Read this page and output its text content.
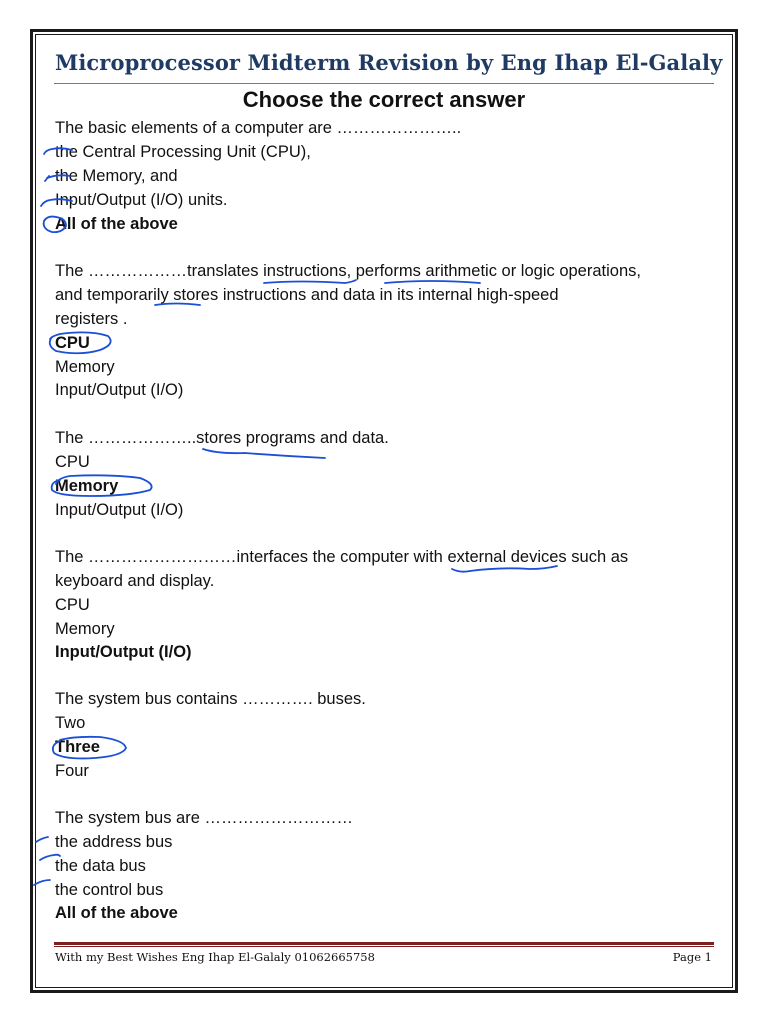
Microprocessor Midterm Revision by Eng Ihap El-Galaly
Choose the correct answer
The basic elements of a computer are …………………..
the Central Processing Unit (CPU),
the Memory, and
Input/Output (I/O) units.
All of the above
The ………………translates instructions, performs arithmetic or logic operations,
and temporarily stores instructions and data in its internal high-speed
registers .
CPU
Memory
Input/Output (I/O)
The ………………..stores programs and data.
CPU
Memory
Input/Output (I/O)
The ………………………interfaces the computer with external devices such as
keyboard and display.
CPU
Memory
Input/Output (I/O)
The system bus contains …………. buses.
Two
Three
Four
The system bus are ………………………
the address bus
the data bus
the control bus
All of the above
With my Best Wishes Eng Ihap El-Galaly 01062665758	Page 1
